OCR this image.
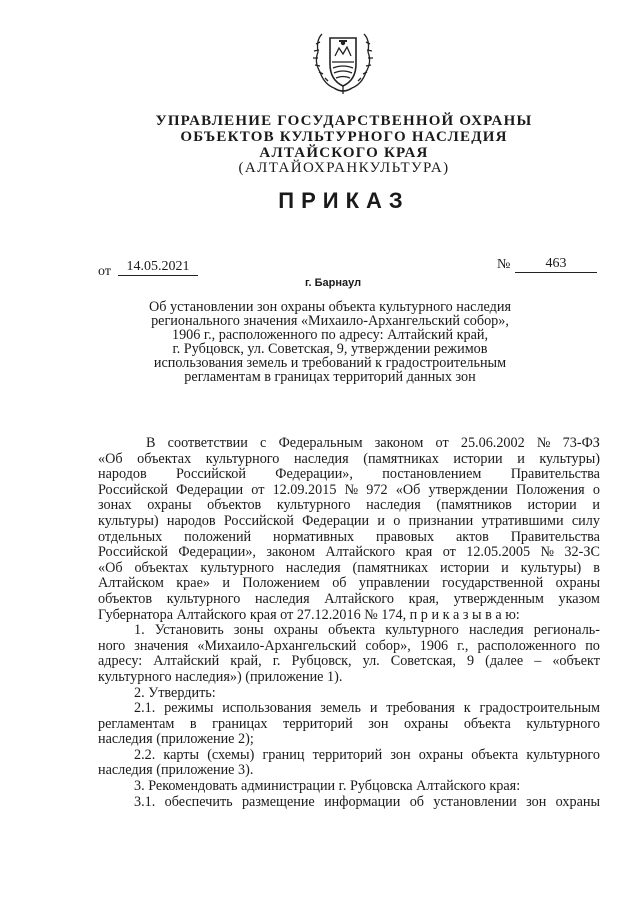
УПРАВЛЕНИЕ ГОСУДАРСТВЕННОЙ ОХРАНЫ
ОБЪЕКТОВ КУЛЬТУРНОГО НАСЛЕДИЯ
АЛТАЙСКОГО КРАЯ
(АЛТАЙОХРАНКУЛЬТУРА)
ПРИКАЗ
от	14.05.2021	№	463
г. Барнаул
Об установлении зон охраны объекта культурного наследия
регионального значения «Михаило-Архангельский собор»,
1906 г., расположенного по адресу: Алтайский край,
г. Рубцовск, ул. Советская, 9, утверждении режимов
использования земель и требований к градостроительным
регламентам в границах территорий данных зон
В соответствии с Федеральным законом от 25.06.2002 № 73-ФЗ
«Об объектах культурного наследия (памятниках истории и культуры)
народов Российской Федерации», постановлением Правительства
Российской Федерации от 12.09.2015 № 972 «Об утверждении Положения о
зонах охраны объектов культурного наследия (памятников истории и
культуры) народов Российской Федерации и о признании утратившими силу
отдельных положений нормативных правовых актов Правительства
Российской Федерации», законом Алтайского края от 12.05.2005 № 32-ЗС
«Об объектах культурного наследия (памятниках истории и культуры) в
Алтайском крае» и Положением об управлении государственной охраны
объектов культурного наследия Алтайского края, утвержденным указом
Губернатора Алтайского края от 27.12.2016 № 174, п р и к а з ы в а ю:
1. Установить зоны охраны объекта культурного наследия региональ-
ного значения «Михаило-Архангельский собор», 1906 г., расположенного по
адресу: Алтайский край, г. Рубцовск, ул. Советская, 9 (далее – «объект
культурного наследия») (приложение 1).
2. Утвердить:
2.1. режимы использования земель и требования к градостроительным
регламентам в границах территорий зон охраны объекта культурного
наследия (приложение 2);
2.2. карты (схемы) границ территорий зон охраны объекта культурного
наследия (приложение 3).
3. Рекомендовать администрации г. Рубцовска Алтайского края:
3.1. обеспечить размещение информации об установлении зон охраны
